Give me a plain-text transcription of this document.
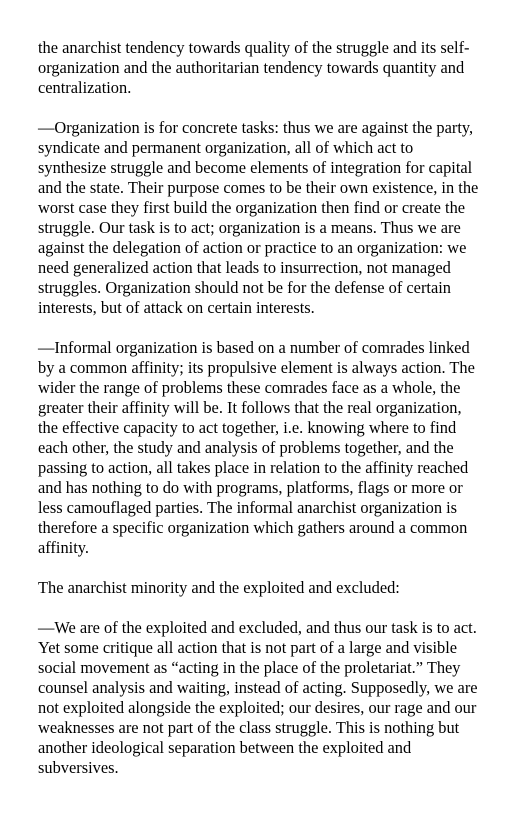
the anarchist tendency towards quality of the struggle and its self-
organization and the authoritarian tendency towards quantity and
centralization.

—Organization is for concrete tasks: thus we are against the party,
syndicate and permanent organization, all of which act to
synthesize struggle and become elements of integration for capital
and the state. Their purpose comes to be their own existence, in the
worst case they first build the organization then find or create the
struggle. Our task is to act; organization is a means. Thus we are
against the delegation of action or practice to an organization: we
need generalized action that leads to insurrection, not managed
struggles. Organization should not be for the defense of certain
interests, but of attack on certain interests.

—Informal organization is based on a number of comrades linked
by a common affinity; its propulsive element is always action. The
wider the range of problems these comrades face as a whole, the
greater their affinity will be. It follows that the real organization,
the effective capacity to act together, i.e. knowing where to find
each other, the study and analysis of problems together, and the
passing to action, all takes place in relation to the affinity reached
and has nothing to do with programs, platforms, flags or more or
less camouflaged parties. The informal anarchist organization is
therefore a specific organization which gathers around a common
affinity.

The anarchist minority and the exploited and excluded:

—We are of the exploited and excluded, and thus our task is to act.
Yet some critique all action that is not part of a large and visible
social movement as “acting in the place of the proletariat.” They
counsel analysis and waiting, instead of acting. Supposedly, we are
not exploited alongside the exploited; our desires, our rage and our
weaknesses are not part of the class struggle. This is nothing but
another ideological separation between the exploited and
subversives.
